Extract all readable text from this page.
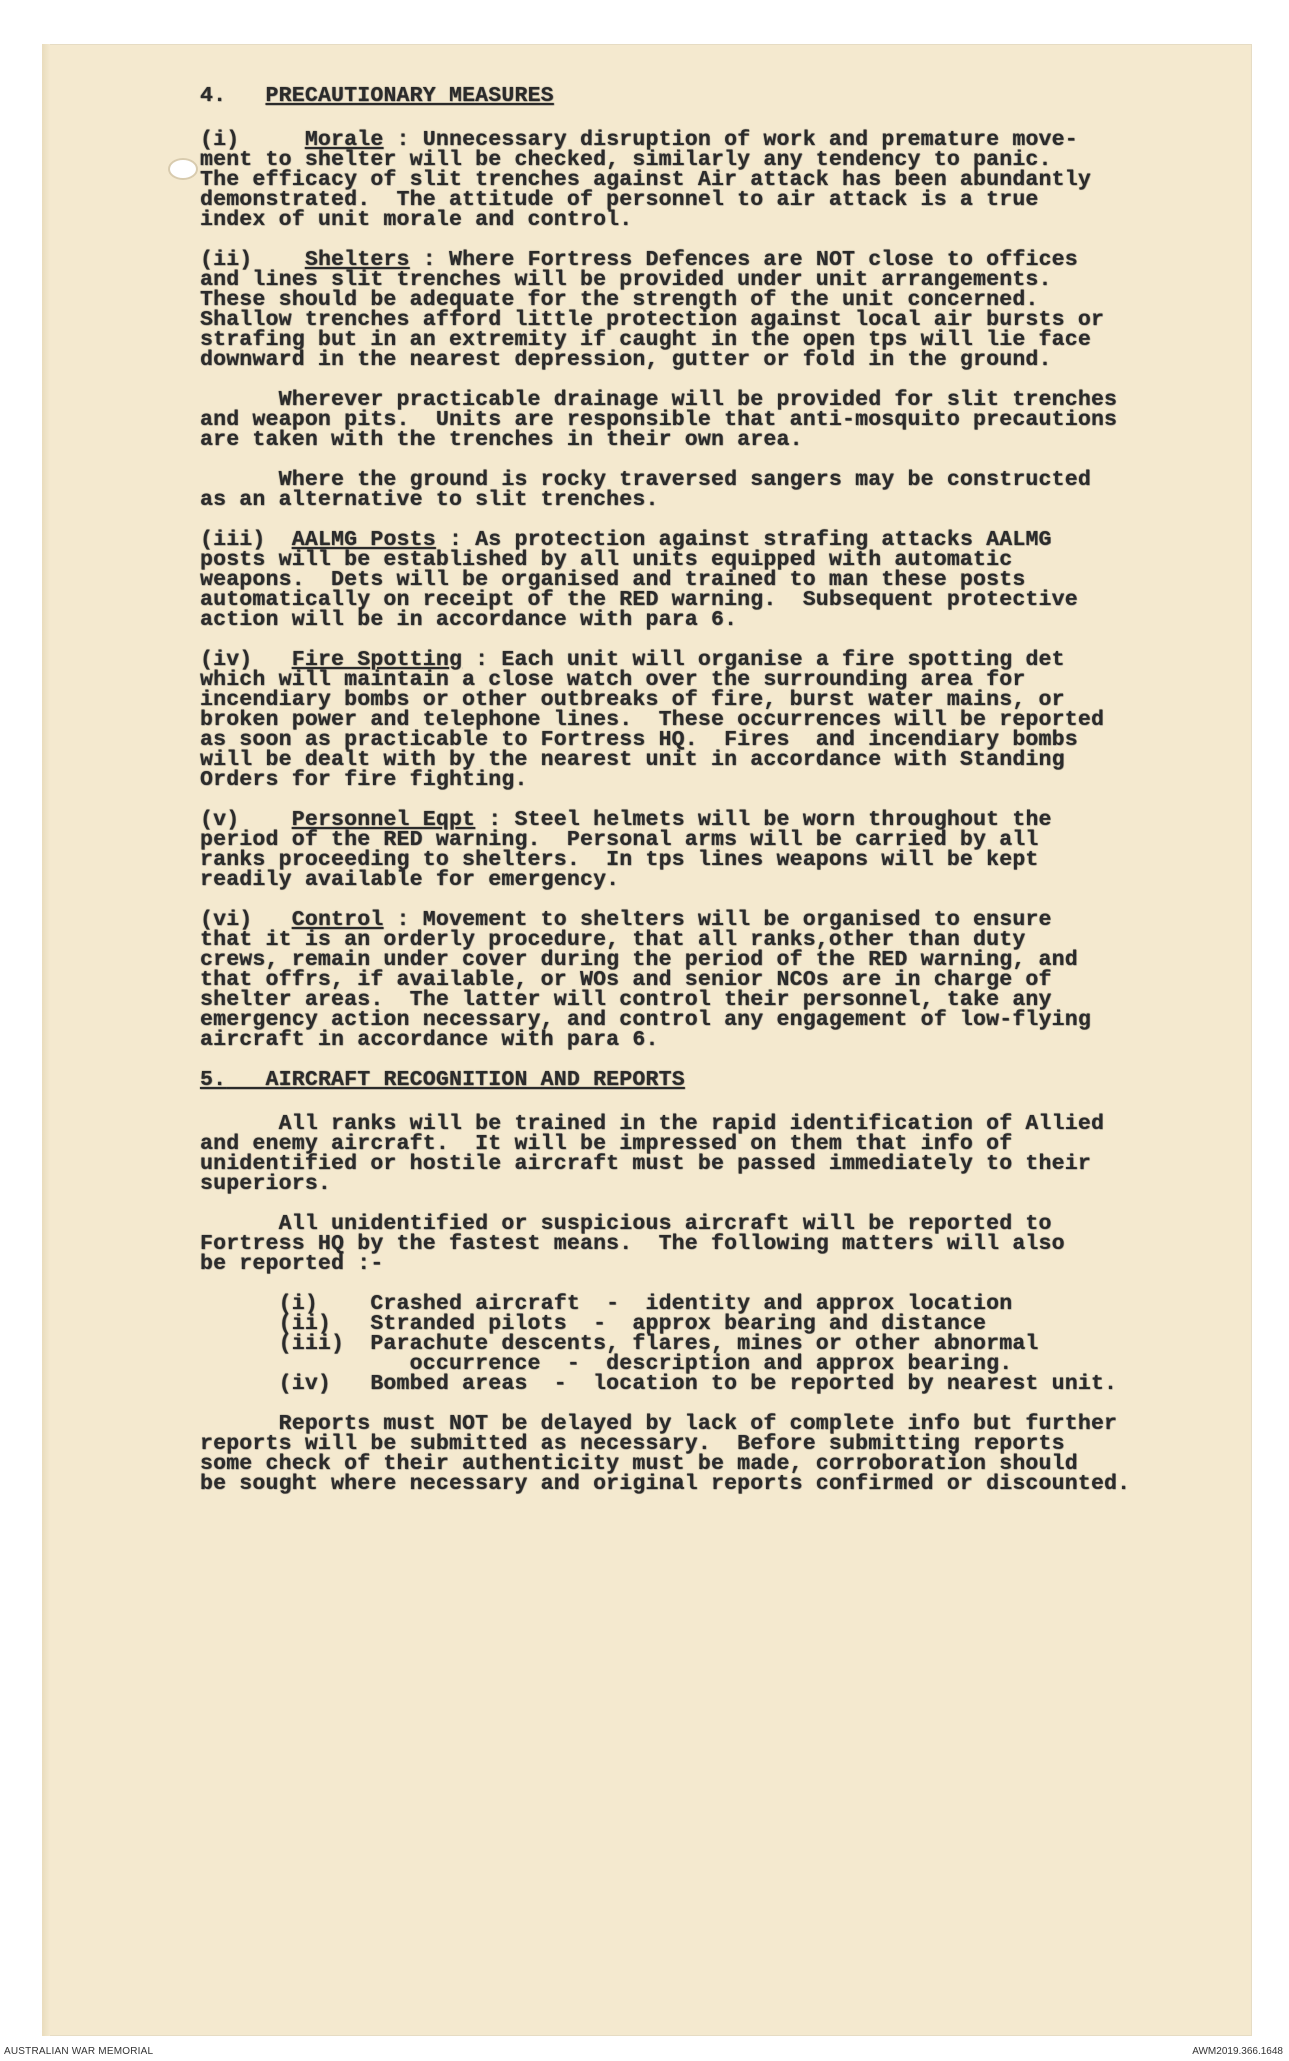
4. PRECAUTIONARY MEASURES
(i)	Morale : Unnecessary disruption of work and premature move-
ment to shelter will be checked, similarly any tendency to panic.
The efficacy of slit trenches against Air attack has been abundantly
demonstrated.  The attitude of personnel to air attack is a true
index of unit morale and control.
(ii) Shelters : Where Fortress Defences are NOT close to offices
and lines slit trenches will be provided under unit arrangements.
These should be adequate for the strength of the unit concerned.
Shallow trenches afford little protection against local air bursts or
strafing but in an extremity if caught in the open tps will lie face
downward in the nearest depression, gutter or fold in the ground.
Wherever practicable drainage will be provided for slit trenches
and weapon pits.  Units are responsible that anti-mosquito precautions
are taken with the trenches in their own area.
Where the ground is rocky traversed sangers may be constructed
as an alternative to slit trenches.
(iii) AALMG Posts : As protection against strafing attacks AALMG
posts will be established by all units equipped with automatic
weapons.  Dets will be organised and trained to man these posts
automatically on receipt of the RED warning.  Subsequent protective
action will be in accordance with para 6.
(iv) Fire Spotting : Each unit will organise a fire spotting det
which will maintain a close watch over the surrounding area for
incendiary bombs or other outbreaks of fire, burst water mains, or
broken power and telephone lines.  These occurrences will be reported
as soon as practicable to Fortress HQ.  Fires  and incendiary bombs
will be dealt with by the nearest unit in accordance with Standing
Orders for fire fighting.
(v) Personnel Eqpt : Steel helmets will be worn throughout the
period of the RED warning.  Personal arms will be carried by all
ranks proceeding to shelters.  In tps lines weapons will be kept
readily available for emergency.
(vi) Control : Movement to shelters will be organised to ensure
that it is an orderly procedure, that all ranks,other than duty
crews, remain under cover during the period of the RED warning, and
that offrs, if available, or WOs and senior NCOs are in charge of
shelter areas.  The latter will control their personnel, take any
emergency action necessary, and control any engagement of low-flying
aircraft in accordance with para 6.
5. AIRCRAFT RECOGNITION AND REPORTS
All ranks will be trained in the rapid identification of Allied
and enemy aircraft.  It will be impressed on them that info of
unidentified or hostile aircraft must be passed immediately to their
superiors.
All unidentified or suspicious aircraft will be reported to
Fortress HQ by the fastest means.  The following matters will also
be reported :-
(i)    Crashed aircraft  -  identity and approx location
(ii)   Stranded pilots  -  approx bearing and distance
(iii)  Parachute descents, flares, mines or other abnormal
occurrence  -  description and approx bearing.
(iv)   Bombed areas  -  location to be reported by nearest unit.
Reports must NOT be delayed by lack of complete info but further
reports will be submitted as necessary.  Before submitting reports
some check of their authenticity must be made, corroboration should
be sought where necessary and original reports confirmed or discounted.
AUSTRALIAN WAR MEMORIAL	AWM2019.366.1648
